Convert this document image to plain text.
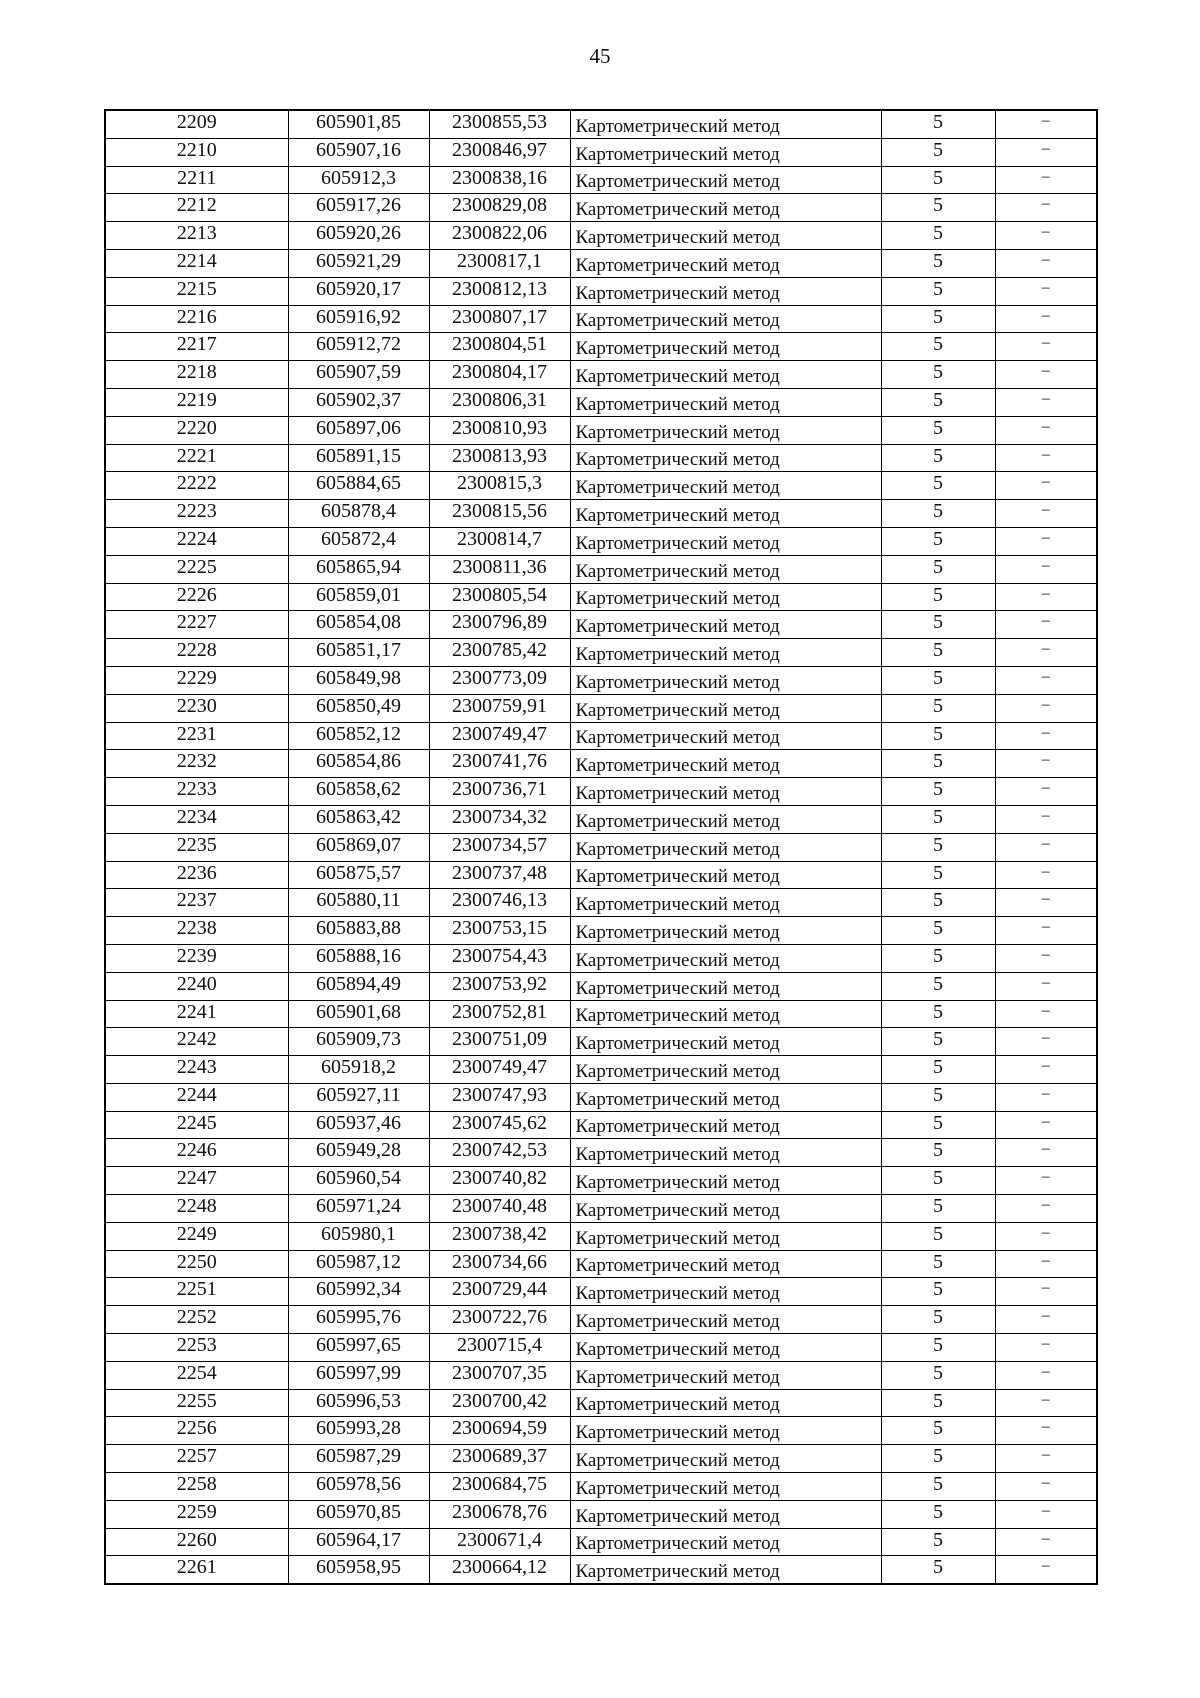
45
2209	605901,85	2300855,53	Картометрический метод	5	–
2210	605907,16	2300846,97	Картометрический метод	5	–
2211	605912,3	2300838,16	Картометрический метод	5	–
2212	605917,26	2300829,08	Картометрический метод	5	–
2213	605920,26	2300822,06	Картометрический метод	5	–
2214	605921,29	2300817,1	Картометрический метод	5	–
2215	605920,17	2300812,13	Картометрический метод	5	–
2216	605916,92	2300807,17	Картометрический метод	5	–
2217	605912,72	2300804,51	Картометрический метод	5	–
2218	605907,59	2300804,17	Картометрический метод	5	–
2219	605902,37	2300806,31	Картометрический метод	5	–
2220	605897,06	2300810,93	Картометрический метод	5	–
2221	605891,15	2300813,93	Картометрический метод	5	–
2222	605884,65	2300815,3	Картометрический метод	5	–
2223	605878,4	2300815,56	Картометрический метод	5	–
2224	605872,4	2300814,7	Картометрический метод	5	–
2225	605865,94	2300811,36	Картометрический метод	5	–
2226	605859,01	2300805,54	Картометрический метод	5	–
2227	605854,08	2300796,89	Картометрический метод	5	–
2228	605851,17	2300785,42	Картометрический метод	5	–
2229	605849,98	2300773,09	Картометрический метод	5	–
2230	605850,49	2300759,91	Картометрический метод	5	–
2231	605852,12	2300749,47	Картометрический метод	5	–
2232	605854,86	2300741,76	Картометрический метод	5	–
2233	605858,62	2300736,71	Картометрический метод	5	–
2234	605863,42	2300734,32	Картометрический метод	5	–
2235	605869,07	2300734,57	Картометрический метод	5	–
2236	605875,57	2300737,48	Картометрический метод	5	–
2237	605880,11	2300746,13	Картометрический метод	5	–
2238	605883,88	2300753,15	Картометрический метод	5	–
2239	605888,16	2300754,43	Картометрический метод	5	–
2240	605894,49	2300753,92	Картометрический метод	5	–
2241	605901,68	2300752,81	Картометрический метод	5	–
2242	605909,73	2300751,09	Картометрический метод	5	–
2243	605918,2	2300749,47	Картометрический метод	5	–
2244	605927,11	2300747,93	Картометрический метод	5	–
2245	605937,46	2300745,62	Картометрический метод	5	–
2246	605949,28	2300742,53	Картометрический метод	5	–
2247	605960,54	2300740,82	Картометрический метод	5	–
2248	605971,24	2300740,48	Картометрический метод	5	–
2249	605980,1	2300738,42	Картометрический метод	5	–
2250	605987,12	2300734,66	Картометрический метод	5	–
2251	605992,34	2300729,44	Картометрический метод	5	–
2252	605995,76	2300722,76	Картометрический метод	5	–
2253	605997,65	2300715,4	Картометрический метод	5	–
2254	605997,99	2300707,35	Картометрический метод	5	–
2255	605996,53	2300700,42	Картометрический метод	5	–
2256	605993,28	2300694,59	Картометрический метод	5	–
2257	605987,29	2300689,37	Картометрический метод	5	–
2258	605978,56	2300684,75	Картометрический метод	5	–
2259	605970,85	2300678,76	Картометрический метод	5	–
2260	605964,17	2300671,4	Картометрический метод	5	–
2261	605958,95	2300664,12	Картометрический метод	5	–
